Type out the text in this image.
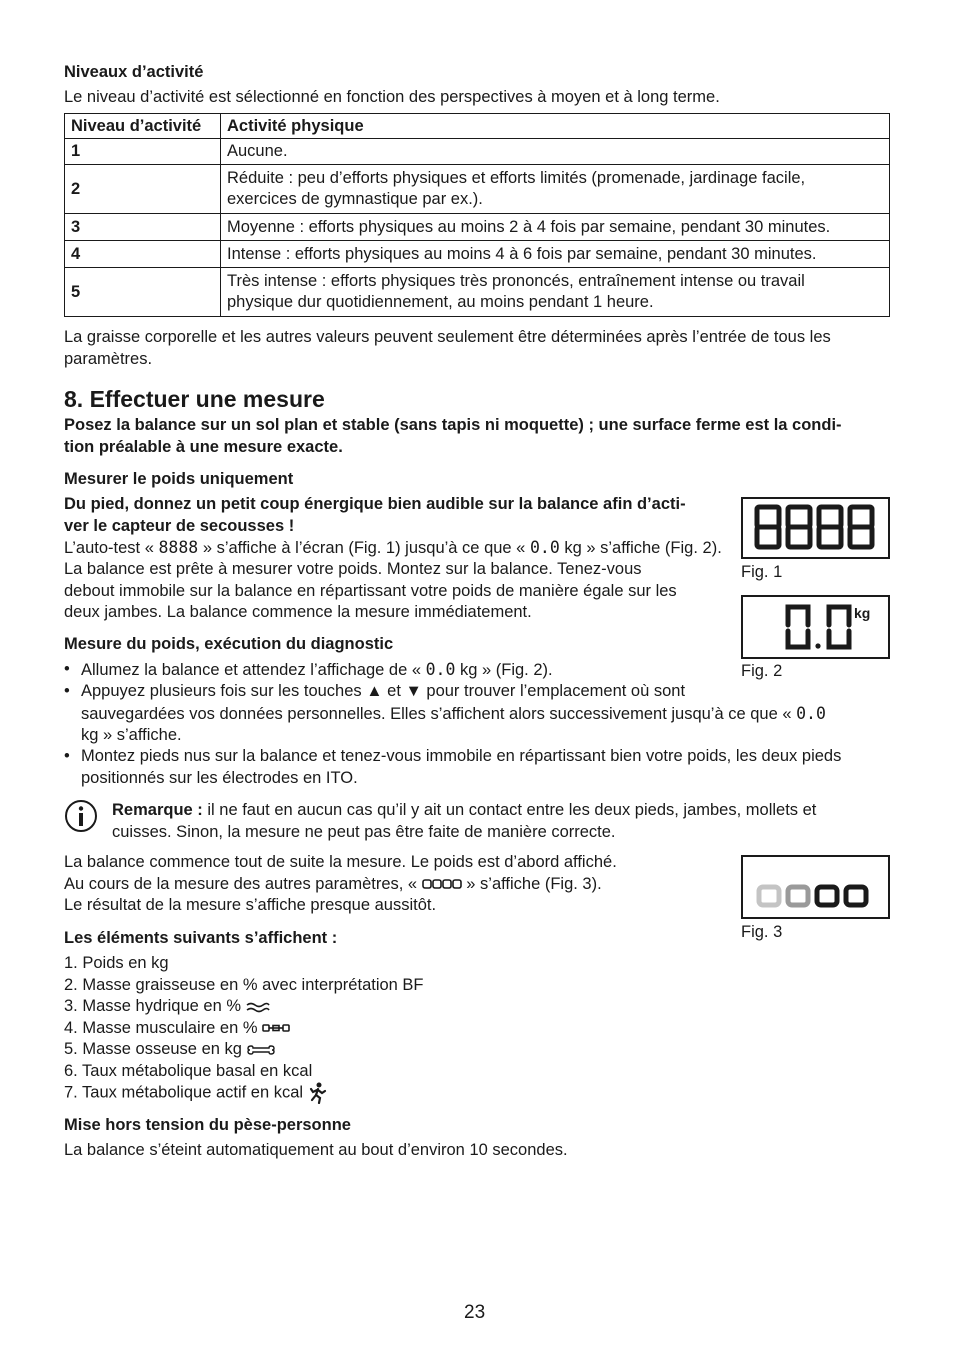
Niveaux d’activité
Le niveau d’activité est sélectionné en fonction des perspectives à moyen et à long terme.
Niveau d’activité	Activité physique
1	Aucune.

2	Réduite : peu d’efforts physiques et efforts limités (promenade, jardinage facile,
exercices de gymnastique par ex.).

3	Moyenne : efforts physiques au moins 2 à 4 fois par semaine, pendant 30 minutes.

4	Intense : efforts physiques au moins 4 à 6 fois par semaine, pendant 30 minutes.

5	Très intense : efforts physiques très prononcés, entraînement intense ou travail
physique dur quotidiennement, au moins pendant 1 heure.
La graisse corporelle et les autres valeurs peuvent seulement être déterminées après l’entrée de tous les
paramètres.
8. Effectuer une mesure
Posez la balance sur un sol plan et stable (sans tapis ni moquette) ; une surface ferme est la condi-
tion préalable à une mesure exacte.
Mesurer le poids uniquement
Du pied, donnez un petit coup énergique bien audible sur la balance afin d’acti-
ver le capteur de secousses !
L’auto-test « 8888 » s’affiche à l’écran (Fig. 1) jusqu’à ce que « 0.0 kg » s’affiche (Fig. 2).
La balance est prête à mesurer votre poids. Montez sur la balance. Tenez-vous
debout immobile sur la balance en répartissant votre poids de manière égale sur les
deux jambes. La balance commence la mesure immédiatement.
Fig. 1
kg
Fig. 2
Mesure du poids, exécution du diagnostic
• Allumez la balance et attendez l’affichage de « 0.0 kg » (Fig. 2).
• Appuyez plusieurs fois sur les touches ▲ et ▼ pour trouver l’emplacement où sont
sauvegardées vos données personnelles. Elles s’affichent alors successivement jusqu’à ce que « 0.0
kg » s’affiche.
• Montez pieds nus sur la balance et tenez-vous immobile en répartissant bien votre poids, les deux pieds
positionnés sur les électrodes en ITO.
Remarque : il ne faut en aucun cas qu’il y ait un contact entre les deux pieds, jambes, mollets et
cuisses. Sinon, la mesure ne peut pas être faite de manière correcte.
La balance commence tout de suite la mesure. Le poids est d’abord affiché.
Au cours de la mesure des autres paramètres, «  » s’affiche (Fig. 3).
Le résultat de la mesure s’affiche presque aussitôt.
Fig. 3
Les éléments suivants s’affichent :

1. Poids en kg

2. Masse graisseuse en % avec interprétation BF

3. Masse hydrique en %

4. Masse musculaire en %

5. Masse osseuse en kg

6. Taux métabolique basal en kcal

7. Taux métabolique actif en kcal

Mise hors tension du pèse-personne
La balance s’éteint automatiquement au bout d’environ 10 secondes.
23
